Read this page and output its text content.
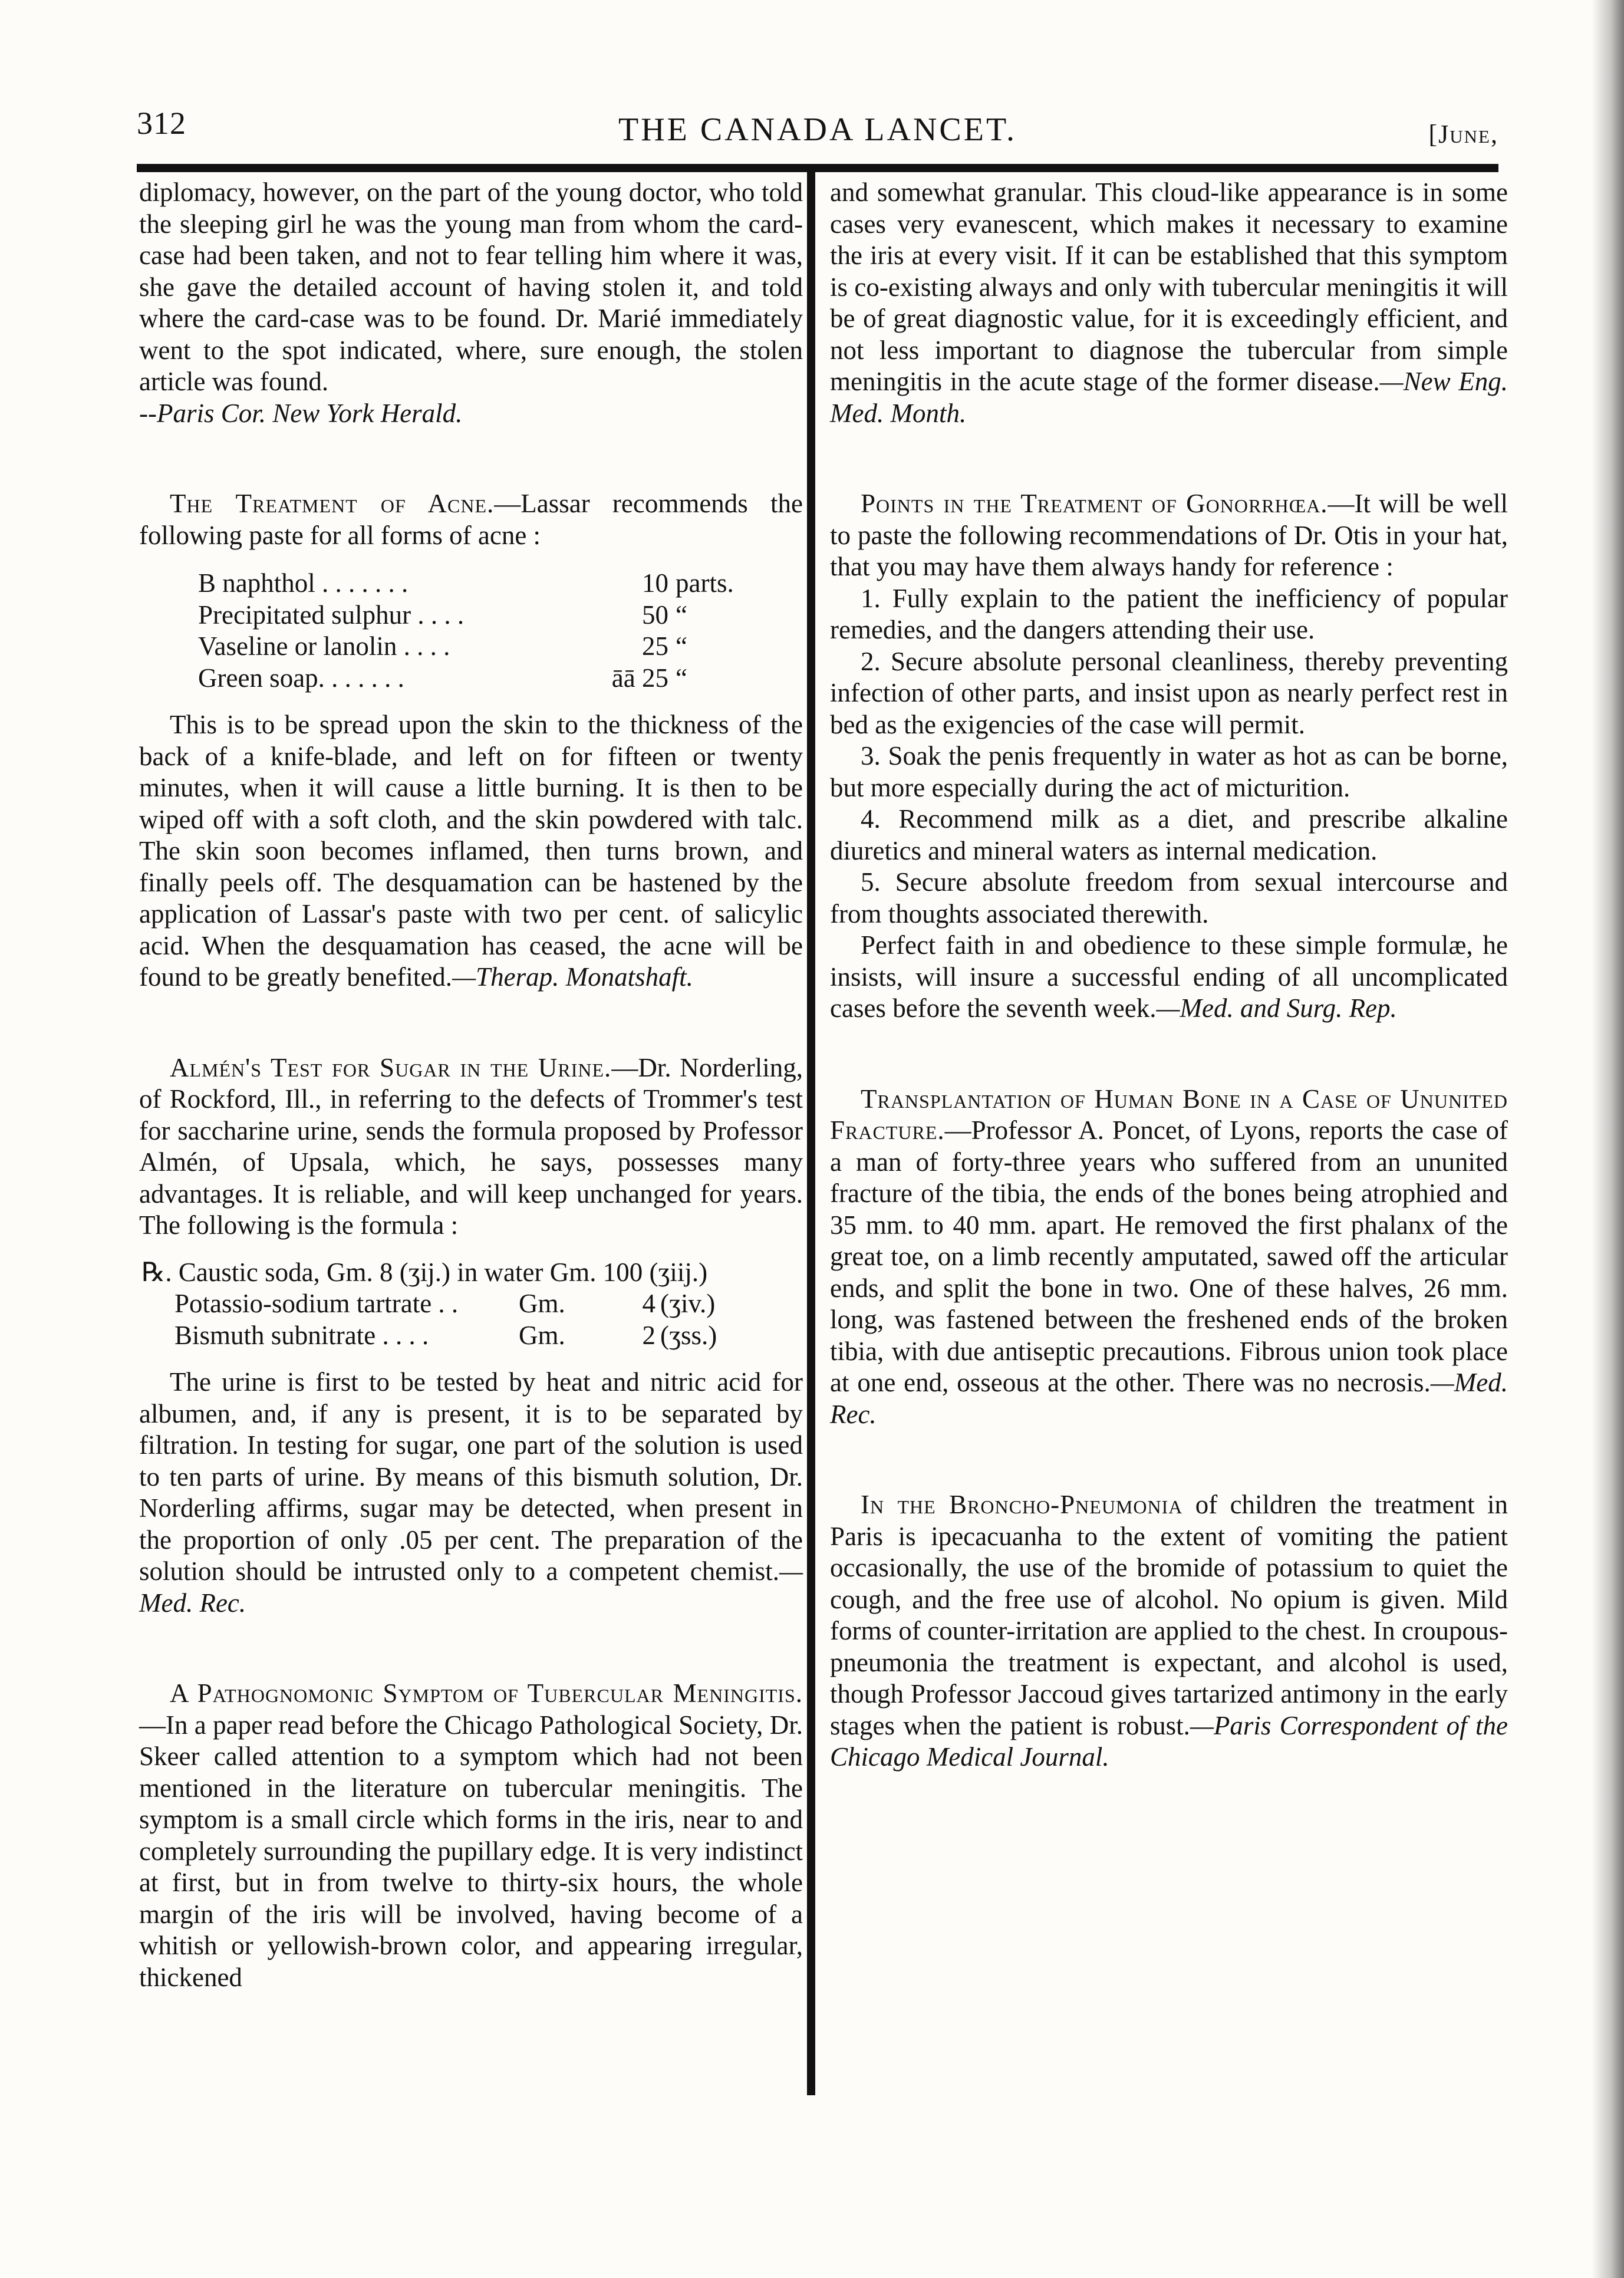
312	THE CANADA LANCET.	[June,

diplomacy, however, on the part of the young doctor, who told the sleeping girl he was the young man from whom the card-case had been taken, and not to fear telling him where it was, she gave the detailed account of having stolen it, and told where the card-case was to be found. Dr. Marié immediately went to the spot indicated, where, sure enough, the stolen article was found.
--Paris Cor. New York Herald.

The Treatment of Acne.—Lassar recommends the following paste for all forms of acne :

B naphthol . . . . . . .	10 parts.
Precipitated sulphur . . . .	50 “
Vaseline or lanolin . . . .	25 “
Green soap. . . . . . .	āā 25 “

This is to be spread upon the skin to the thickness of the back of a knife-blade, and left on for fifteen or twenty minutes, when it will cause a little burning. It is then to be wiped off with a soft cloth, and the skin powdered with talc. The skin soon becomes inflamed, then turns brown, and finally peels off. The desquamation can be hastened by the application of Lassar's paste with two per cent. of salicylic acid. When the desquamation has ceased, the acne will be found to be greatly benefited.—Therap. Monatshaft.

Almén's Test for Sugar in the Urine.—Dr. Norderling, of Rockford, Ill., in referring to the defects of Trommer's test for saccharine urine, sends the formula proposed by Professor Almén, of Upsala, which, he says, possesses many advantages. It is reliable, and will keep unchanged for years. The following is the formula :

℞. Caustic soda, Gm. 8 (ʒij.) in water Gm. 100 (ʒiij.)
Potassio-sodium tartrate . .	Gm.	4 (ʒiv.)
Bismuth subnitrate . . . .	Gm.	2 (ʒss.)

The urine is first to be tested by heat and nitric acid for albumen, and, if any is present, it is to be separated by filtration. In testing for sugar, one part of the solution is used to ten parts of urine. By means of this bismuth solution, Dr. Norderling affirms, sugar may be detected, when present in the proportion of only .05 per cent. The preparation of the solution should be intrusted only to a competent chemist.—Med. Rec.

A Pathognomonic Symptom of Tubercular Meningitis.—In a paper read before the Chicago Pathological Society, Dr. Skeer called attention to a symptom which had not been mentioned in the literature on tubercular meningitis. The symptom is a small circle which forms in the iris, near to and completely surrounding the pupillary edge. It is very indistinct at first, but in from twelve to thirty-six hours, the whole margin of the iris will be involved, having become of a whitish or yellowish-brown color, and appearing irregular, thickened

and somewhat granular. This cloud-like appearance is in some cases very evanescent, which makes it necessary to examine the iris at every visit. If it can be established that this symptom is co-existing always and only with tubercular meningitis it will be of great diagnostic value, for it is exceedingly efficient, and not less important to diagnose the tubercular from simple meningitis in the acute stage of the former disease.—New Eng. Med. Month.

Points in the Treatment of Gonorrhœa.—It will be well to paste the following recommendations of Dr. Otis in your hat, that you may have them always handy for reference :

1. Fully explain to the patient the inefficiency of popular remedies, and the dangers attending their use.

2. Secure absolute personal cleanliness, thereby preventing infection of other parts, and insist upon as nearly perfect rest in bed as the exigencies of the case will permit.

3. Soak the penis frequently in water as hot as can be borne, but more especially during the act of micturition.

4. Recommend milk as a diet, and prescribe alkaline diuretics and mineral waters as internal medication.

5. Secure absolute freedom from sexual intercourse and from thoughts associated therewith.

Perfect faith in and obedience to these simple formulæ, he insists, will insure a successful ending of all uncomplicated cases before the seventh week.—Med. and Surg. Rep.

Transplantation of Human Bone in a Case of Ununited Fracture.—Professor A. Poncet, of Lyons, reports the case of a man of forty-three years who suffered from an ununited fracture of the tibia, the ends of the bones being atrophied and 35 mm. to 40 mm. apart. He removed the first phalanx of the great toe, on a limb recently amputated, sawed off the articular ends, and split the bone in two. One of these halves, 26 mm. long, was fastened between the freshened ends of the broken tibia, with due antiseptic precautions. Fibrous union took place at one end, osseous at the other. There was no necrosis.—Med. Rec.

In the Broncho-Pneumonia of children the treatment in Paris is ipecacuanha to the extent of vomiting the patient occasionally, the use of the bromide of potassium to quiet the cough, and the free use of alcohol. No opium is given. Mild forms of counter-irritation are applied to the chest. In croupous-pneumonia the treatment is expectant, and alcohol is used, though Professor Jaccoud gives tartarized antimony in the early stages when the patient is robust.—Paris Correspondent of the Chicago Medical Journal.
